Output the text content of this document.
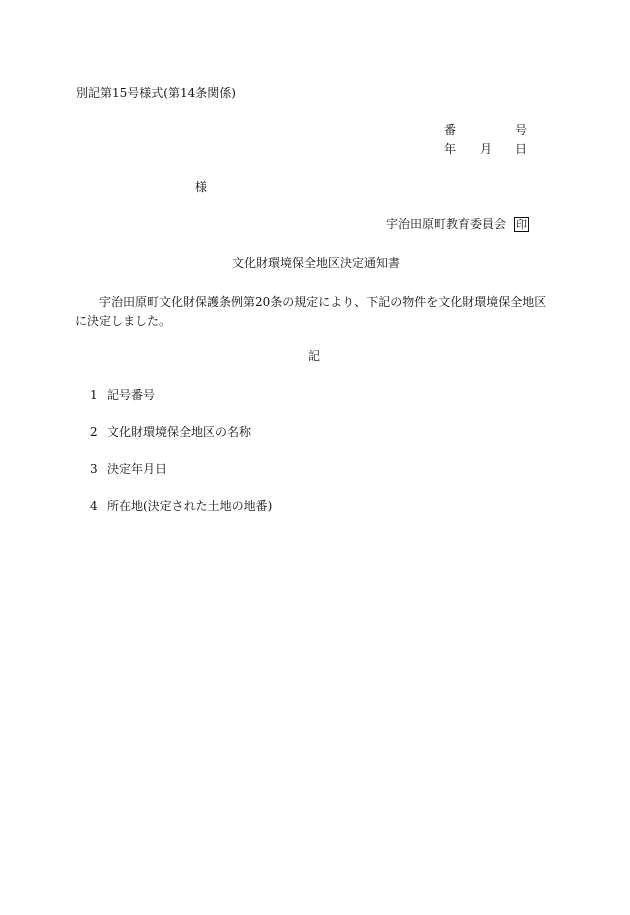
別記第15号様式(第14条関係)
番	号
年 月 日
様
宇治田原町教育委員会 印
文化財環境保全地区決定通知書
宇治田原町文化財保護条例第20条の規定により、下記の物件を文化財環境保全地区に決定しました。
記
1 記号番号
2 文化財環境保全地区の名称
3 決定年月日
4 所在地(決定された土地の地番)
